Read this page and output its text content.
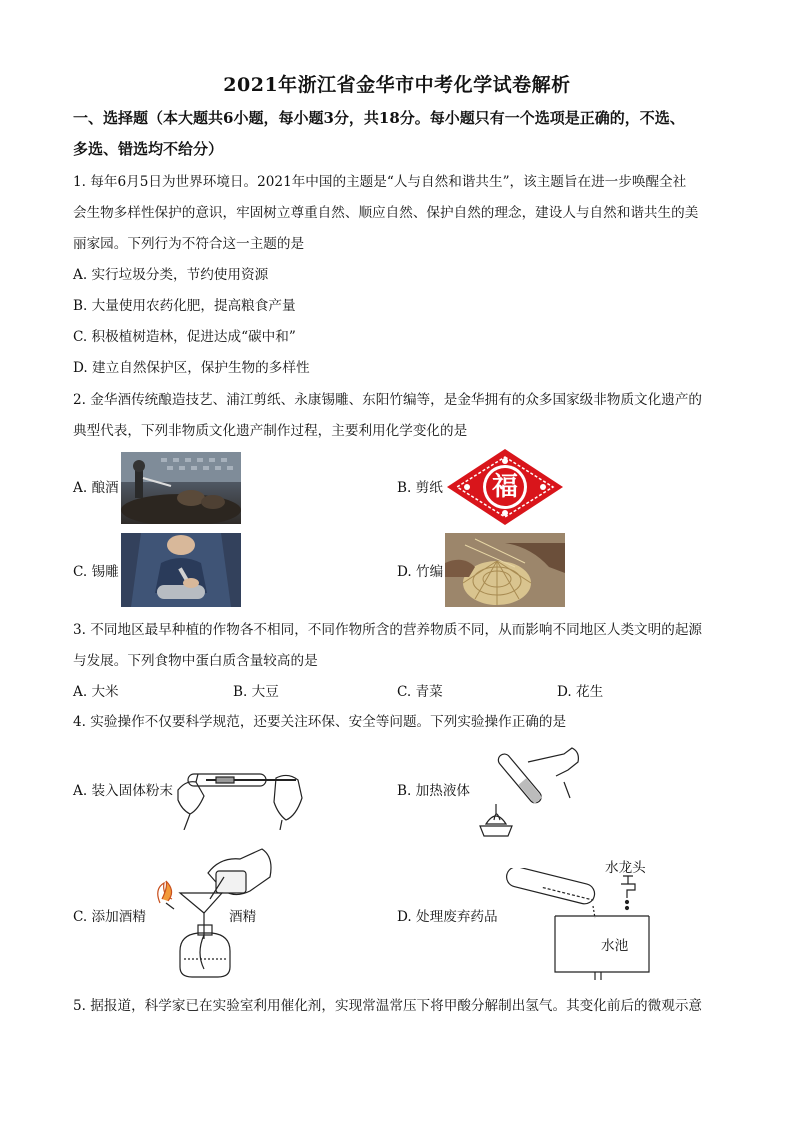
2021年浙江省金华市中考化学试卷解析
一、选择题（本大题共6小题，每小题3分，共18分。每小题只有一个选项是正确的，不选、
多选、错选均不给分）
1. 每年6月5日为世界环境日。2021年中国的主题是“人与自然和谐共生”，该主题旨在进一步唤醒全社
会生物多样性保护的意识，牢固树立尊重自然、顺应自然、保护自然的理念，建设人与自然和谐共生的美
丽家园。下列行为不符合这一主题的是
A. 实行垃圾分类，节约使用资源
B. 大量使用农药化肥，提高粮食产量
C. 积极植树造林，促进达成“碳中和”
D. 建立自然保护区，保护生物的多样性
2. 金华酒传统酿造技艺、浦江剪纸、永康锡雕、东阳竹编等，是金华拥有的众多国家级非物质文化遗产的
典型代表，下列非物质文化遗产制作过程，主要利用化学变化的是
A. 酿酒	B. 剪纸 福
C. 锡雕	D. 竹编
3. 不同地区最早种植的作物各不相同，不同作物所含的营养物质不同，从而影响不同地区人类文明的起源
与发展。下列食物中蛋白质含量较高的是
A. 大米	B. 大豆	C. 青菜	D. 花生
4. 实验操作不仅要科学规范，还要关注环保、安全等问题。下列实验操作正确的是
A. 装入固体粉末	B. 加热液体
C. 添加酒精	酒精	D. 处理废弃药品
水龙头
水池
5. 据报道，科学家已在实验室利用催化剂，实现常温常压下将甲酸分解制出氢气。其变化前后的微观示意
